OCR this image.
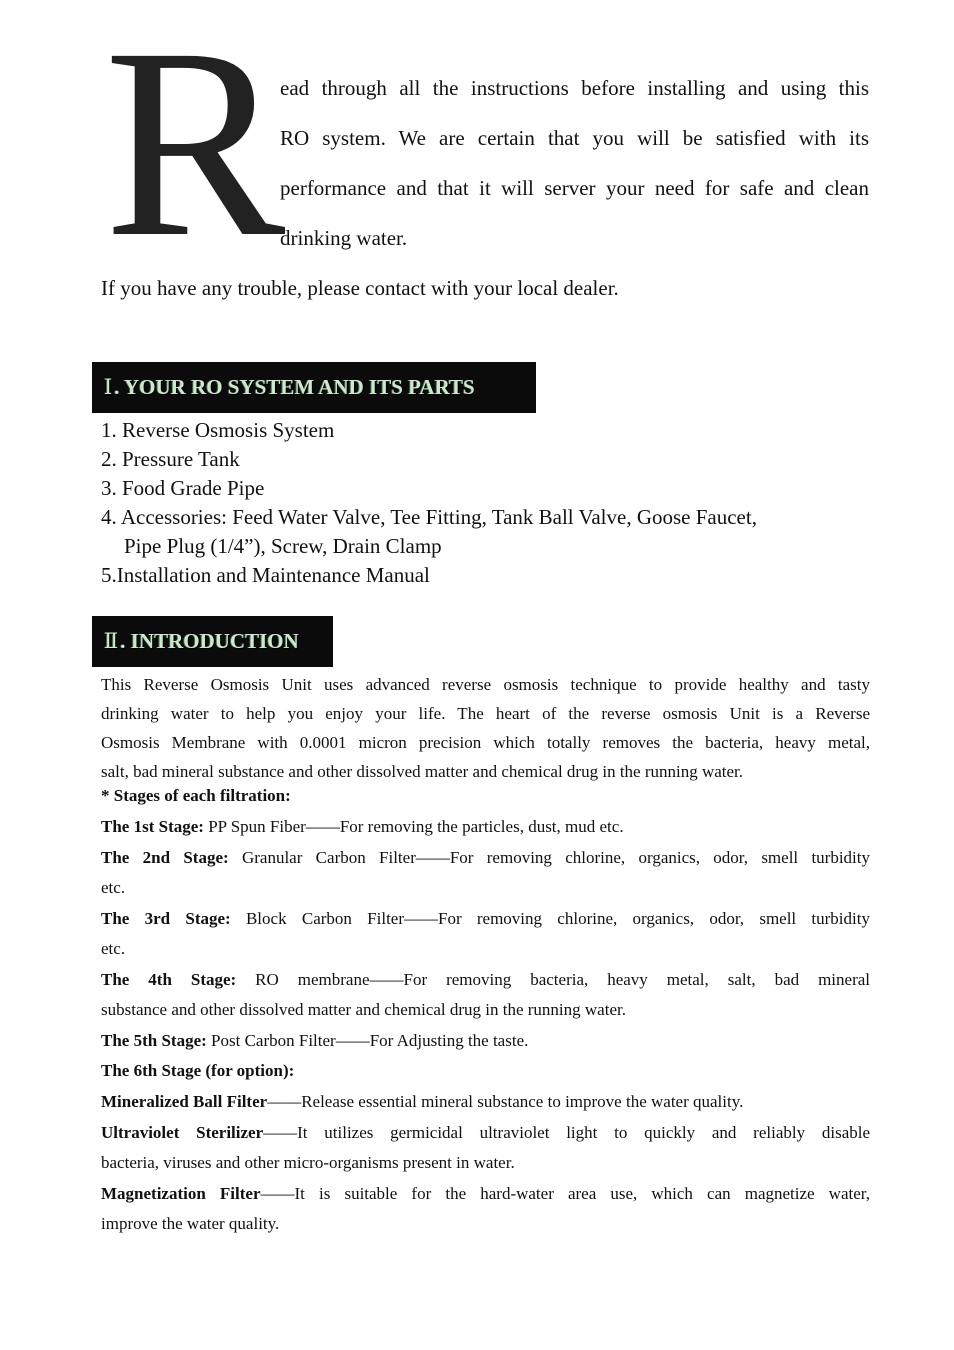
R
ead through all the instructions before installing and using this
RO system. We are certain that you will be satisfied with its
performance and that it will server your need for safe and clean
drinking water.
If you have any trouble, please contact with your local dealer.
Ⅰ . YOUR RO SYSTEM AND ITS PARTS
1. Reverse Osmosis System
2. Pressure Tank
3. Food Grade Pipe
4. Accessories: Feed Water Valve, Tee Fitting, Tank Ball Valve, Goose Faucet,
Pipe Plug (1/4”), Screw, Drain Clamp
5.Installation and Maintenance Manual
Ⅱ . INTRODUCTION
This Reverse Osmosis Unit uses advanced reverse osmosis technique to provide healthy and tasty
drinking water to help you enjoy your life. The heart of the reverse osmosis Unit is a Reverse
Osmosis Membrane with 0.0001 micron precision which totally removes the bacteria, heavy metal,
salt, bad mineral substance and other dissolved matter and chemical drug in the running water.
* Stages of each filtration:
The 1st Stage: PP Spun Fiber——For removing the particles, dust, mud etc.
The 2nd Stage: Granular Carbon Filter——For removing chlorine, organics, odor, smell turbidity
etc.
The 3rd Stage: Block Carbon Filter——For removing chlorine, organics, odor, smell turbidity
etc.
The 4th Stage: RO membrane——For removing bacteria, heavy metal, salt, bad mineral
substance and other dissolved matter and chemical drug in the running water.
The 5th Stage: Post Carbon Filter——For Adjusting the taste.
The 6th Stage (for option):
Mineralized Ball Filter——Release essential mineral substance to improve the water quality.
Ultraviolet Sterilizer——It utilizes germicidal ultraviolet light to quickly and reliably disable
bacteria, viruses and other micro-organisms present in water.
Magnetization Filter——It is suitable for the hard-water area use, which can magnetize water,
improve the water quality.
